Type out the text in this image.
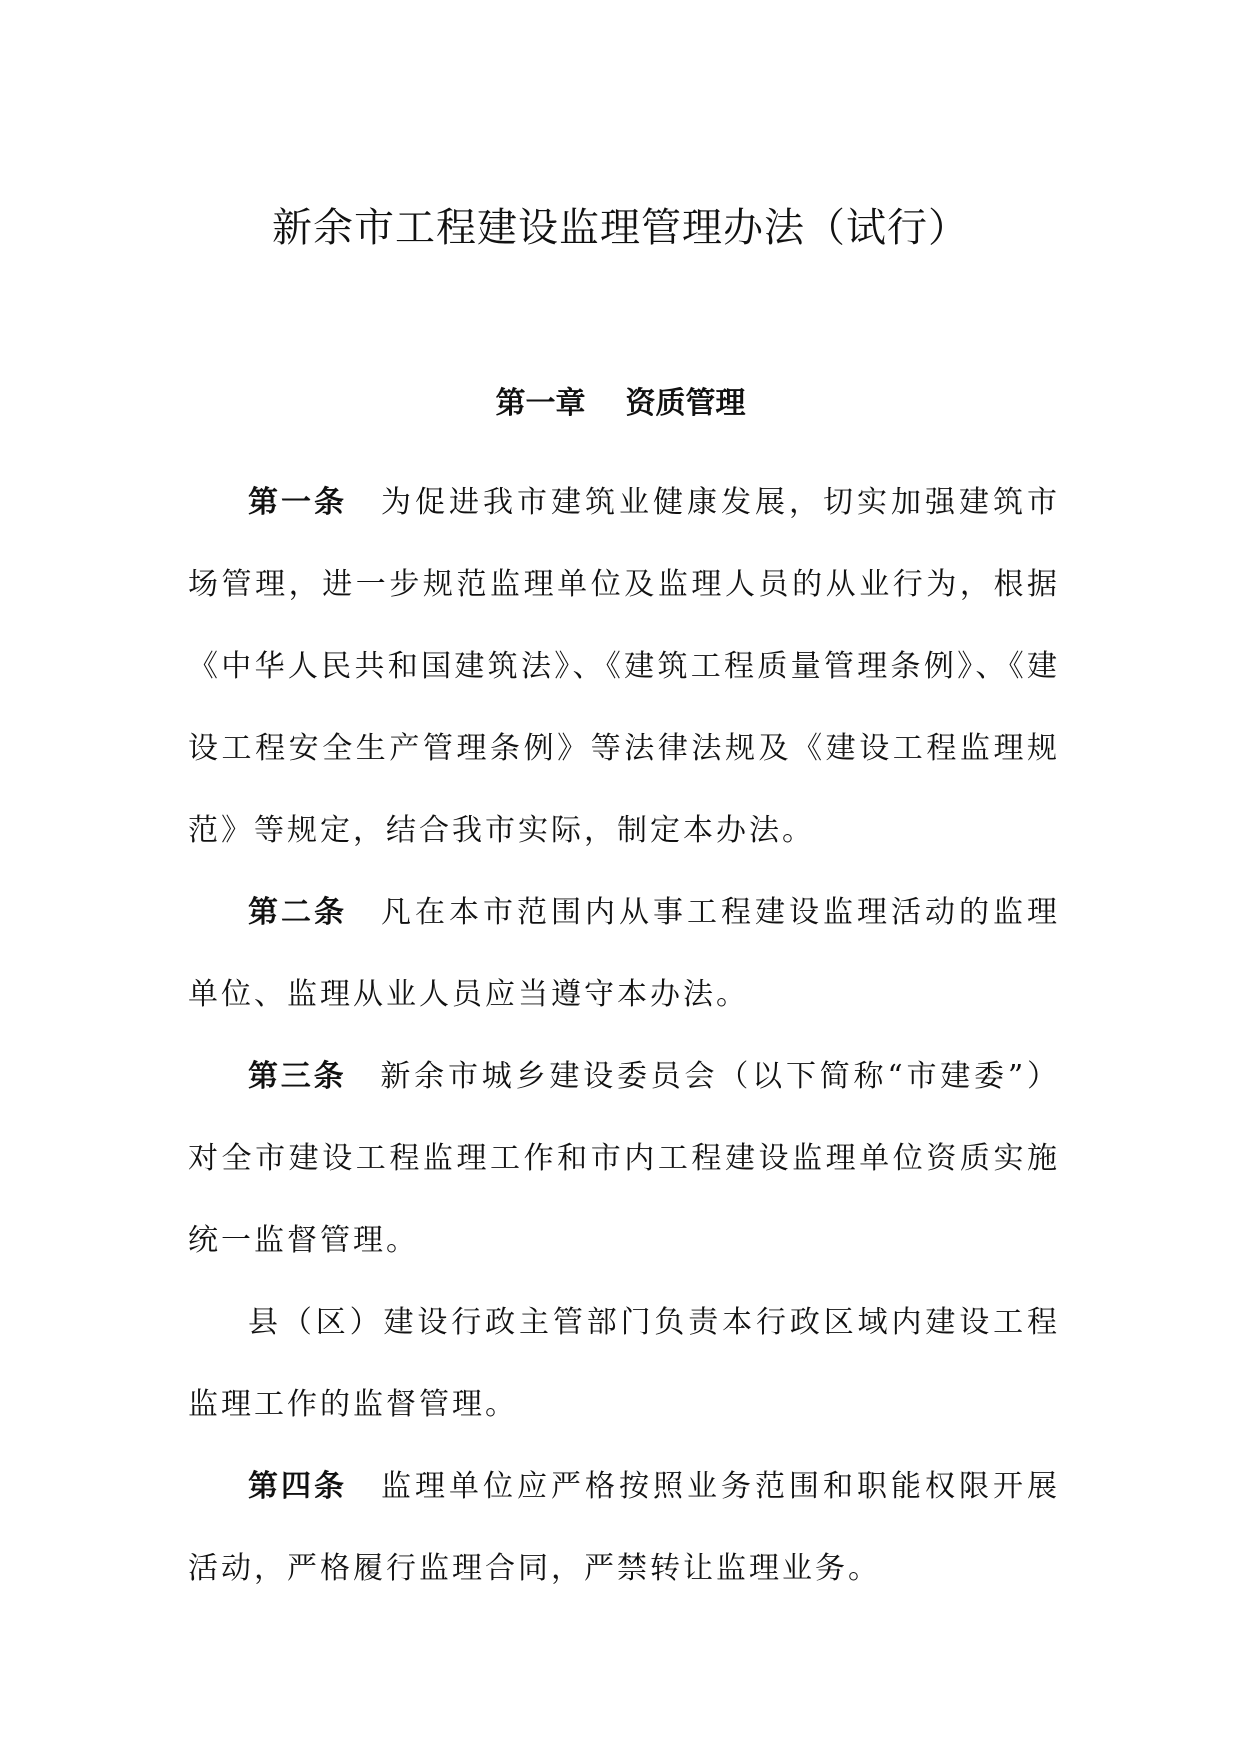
新余市工程建设监理管理办法（试行）
第一章 资质管理

第一条 为促进我市建筑业健康发展，切实加强建筑市场管理，进一步规范监理单位及监理人员的从业行为，根据《中华人民共和国建筑法》、《建筑工程质量管理条例》、《建设工程安全生产管理条例》等法律法规及《建设工程监理规范》等规定，结合我市实际，制定本办法。

第二条 凡在本市范围内从事工程建设监理活动的监理单位、监理从业人员应当遵守本办法。

第三条 新余市城乡建设委员会（以下简称“市建委”）对全市建设工程监理工作和市内工程建设监理单位资质实施统一监督管理。

县（区）建设行政主管部门负责本行政区域内建设工程监理工作的监督管理。

第四条 监理单位应严格按照业务范围和职能权限开展活动，严格履行监理合同，严禁转让监理业务。
